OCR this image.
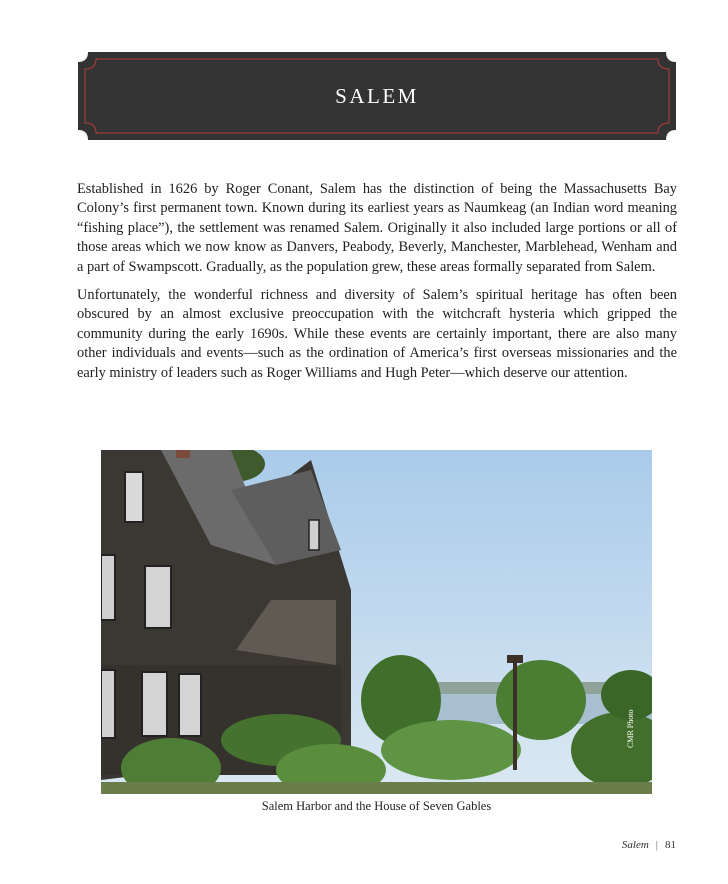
SALEM

Established in 1626 by Roger Conant, Salem has the distinction of being the Massachusetts Bay Colony’s first permanent town. Known during its earliest years as Naumkeag (an Indian word meaning “fishing place”), the settlement was renamed Salem. Originally it also included large portions or all of those areas which we now know as Danvers, Peabody, Beverly, Manchester, Marblehead, Wenham and a part of Swampscott. Gradually, as the population grew, these areas formally separated from Salem.

Unfortunately, the wonderful richness and diversity of Salem’s spiritual heritage has often been obscured by an almost exclusive preoccupation with the witchcraft hysteria which gripped the community during the early 1690s. While these events are certainly important, there are also many other individuals and events—such as the ordination of America’s first overseas missionaries and the early ministry of leaders such as Roger Williams and Hugh Peter—which deserve our attention.

CMR Photo
Salem Harbor and the House of Seven Gables
Salem | 81
